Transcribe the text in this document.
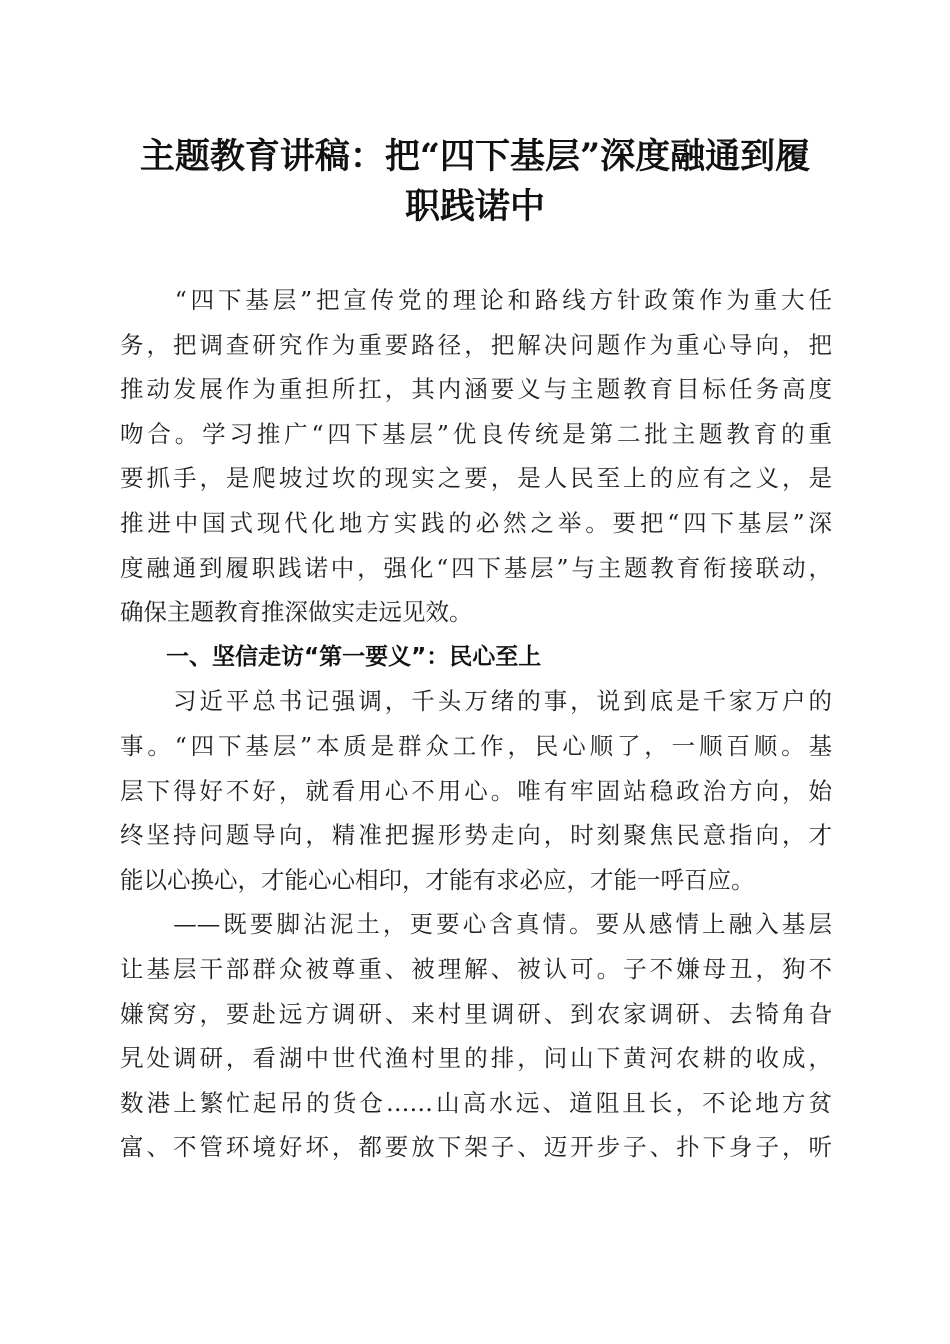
主题教育讲稿：把“四下基层”深度融通到履
职践诺中
　　“四下基层”把宣传党的理论和路线方针政策作为重大任
务，把调查研究作为重要路径，把解决问题作为重心导向，把
推动发展作为重担所扛，其内涵要义与主题教育目标任务高度
吻合。学习推广“四下基层”优良传统是第二批主题教育的重
要抓手，是爬坡过坎的现实之要，是人民至上的应有之义，是
推进中国式现代化地方实践的必然之举。要把“四下基层”深
度融通到履职践诺中，强化“四下基层”与主题教育衔接联动，
确保主题教育推深做实走远见效。
　　一、坚信走访“第一要义”：民心至上
　　习近平总书记强调，千头万绪的事，说到底是千家万户的
事。“四下基层”本质是群众工作，民心顺了，一顺百顺。基
层下得好不好，就看用心不用心。唯有牢固站稳政治方向，始
终坚持问题导向，精准把握形势走向，时刻聚焦民意指向，才
能以心换心，才能心心相印，才能有求必应，才能一呼百应。
　　——既要脚沾泥土，更要心含真情。要从感情上融入基层
让基层干部群众被尊重、被理解、被认可。子不嫌母丑，狗不
嫌窝穷，要赴远方调研、来村里调研、到农家调研、去犄角旮
旯处调研，看湖中世代渔村里的排，问山下黄河农耕的收成，
数港上繁忙起吊的货仓……山高水远、道阻且长，不论地方贫
富、不管环境好坏，都要放下架子、迈开步子、扑下身子，听
